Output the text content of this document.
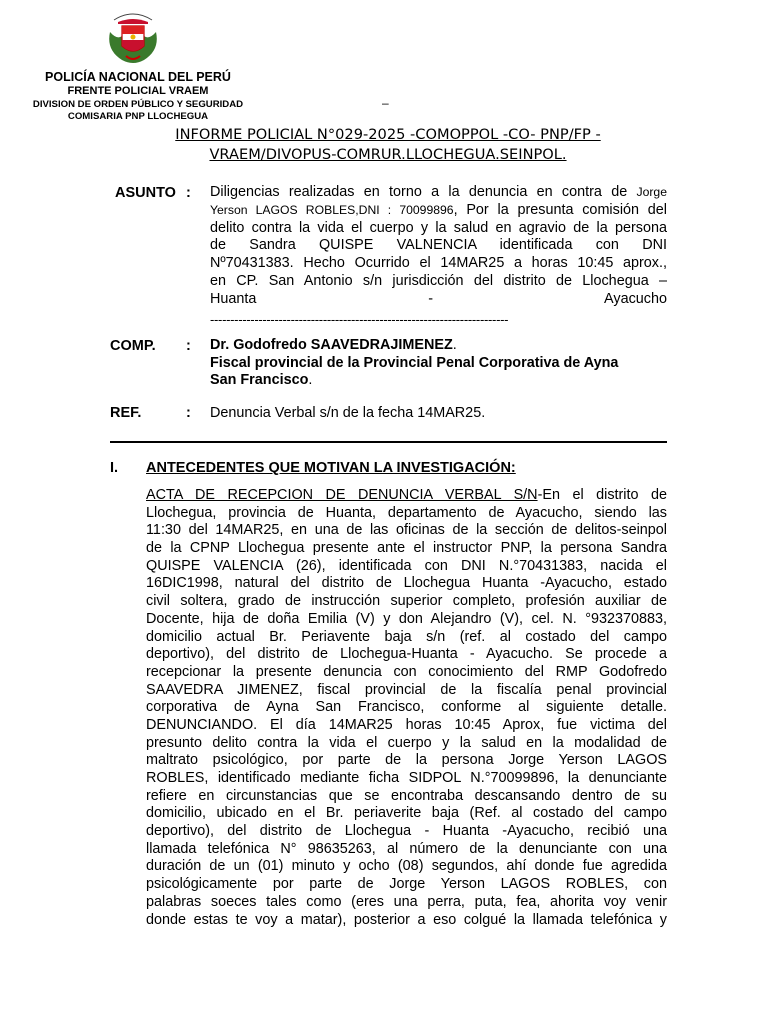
POLICÍA NACIONAL DEL PERÚ
FRENTE POLICIAL VRAEM
DIVISION DE ORDEN PÚBLICO Y SEGURIDAD
COMISARIA PNP LLOCHEGUA
–
INFORME POLICIAL N°029-2025 -COMOPPOL -CO- PNP/FP -
VRAEM/DIVOPUS-COMRUR.LLOCHEGUA.SEINPOL.
ASUNTO : Diligencias realizadas en torno a la denuncia en contra de Jorge
Yerson LAGOS ROBLES,DNI : 70099896, Por la presunta comisión del
delito contra la vida el cuerpo y la salud en agravio de la persona
de Sandra QUISPE VALNENCIA identificada con DNI
Nº70431383. Hecho Ocurrido el 14MAR25 a horas 10:45 aprox.,
en CP. San Antonio s/n jurisdicción del distrito de Llochegua –
Huanta	-	Ayacucho
--------------------------------------------------------------------------
COMP. : Dr. Godofredo SAAVEDRAJIMENEZ.
Fiscal provincial de la Provincial Penal Corporativa de Ayna
San Francisco.
REF.	: Denuncia Verbal s/n de la fecha 14MAR25.
I. ANTECEDENTES QUE MOTIVAN LA INVESTIGACIÓN:
ACTA DE RECEPCION DE DENUNCIA VERBAL S/N-En el distrito de
Llochegua, provincia de Huanta, departamento de Ayacucho, siendo las
11:30 del 14MAR25, en una de las oficinas de la sección de delitos-seinpol
de la CPNP Llochegua presente ante el instructor PNP, la persona Sandra
QUISPE VALENCIA (26), identificada con DNI N.°70431383, nacida el
16DIC1998, natural del distrito de Llochegua Huanta -Ayacucho, estado
civil soltera, grado de instrucción superior completo, profesión auxiliar de
Docente, hija de doña Emilia (V) y don Alejandro (V), cel. N. °932370883,
domicilio actual Br. Periavente baja s/n (ref. al costado del campo
deportivo), del distrito de Llochegua-Huanta - Ayacucho. Se procede a
recepcionar la presente denuncia con conocimiento del RMP Godofredo
SAAVEDRA JIMENEZ, fiscal provincial de la fiscalía penal provincial
corporativa de Ayna San Francisco, conforme al siguiente detalle.
DENUNCIANDO. El día 14MAR25 horas 10:45 Aprox, fue victima del
presunto delito contra la vida el cuerpo y la salud en la modalidad de
maltrato psicológico, por parte de la persona Jorge Yerson LAGOS
ROBLES, identificado mediante ficha SIDPOL N.°70099896, la denunciante
refiere en circunstancias que se encontraba descansando dentro de su
domicilio, ubicado en el Br. periaverite baja (Ref. al costado del campo
deportivo), del distrito de Llochegua - Huanta -Ayacucho, recibió una
llamada telefónica N° 98635263, al número de la denunciante con una
duración de un (01) minuto y ocho (08) segundos, ahí donde fue agredida
psicológicamente por parte de Jorge Yerson LAGOS ROBLES, con
palabras soeces tales como (eres una perra, puta, fea, ahorita voy venir
donde estas te voy a matar), posterior a eso colgué la llamada telefónica y
